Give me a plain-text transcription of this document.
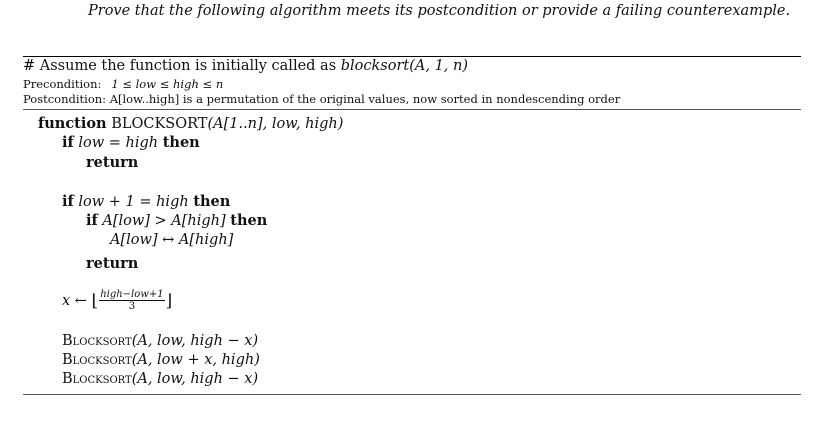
Prove that the following algorithm meets its postcondition or provide a failing counterexample.
# Assume the function is initially called as blocksort(A, 1, n)
Precondition: 1 ≤ low ≤ high ≤ n
Postcondition: A[low..high] is a permutation of the original values, now sorted in nondescending order
function BLOCKSORT(A[1..n], low, high)
if low = high then
return
if low + 1 = high then
if A[low] > A[high] then
A[low] ↔ A[high]
return
x ← ⌊ $\frac{\text{high−low+1}}{3}$ ⌋
Blocksort(A, low, high − x)
Blocksort(A, low + x, high)
Blocksort(A, low, high − x)
